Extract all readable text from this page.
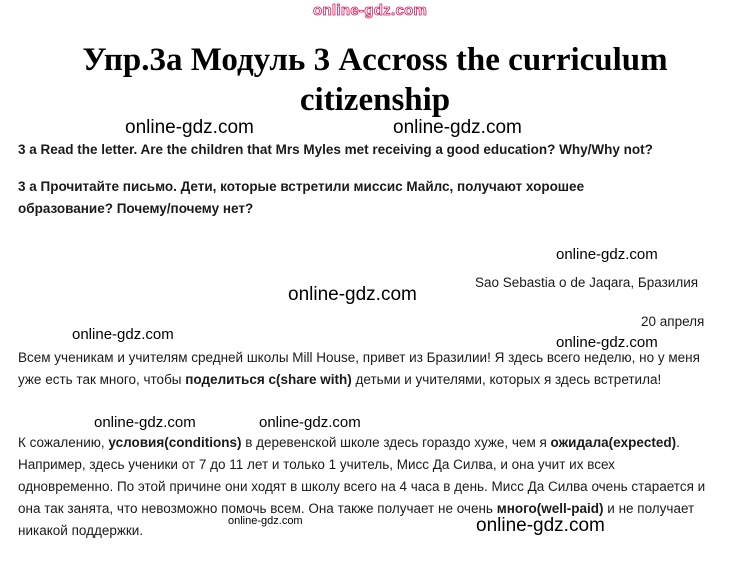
online-gdz.com
Упр.3а Модуль 3 Accross the curriculum citizenship
online-gdz.com	online-gdz.com
3 a Read the letter. Are the children that Mrs Myles met receiving a good education? Why/Why not?
3 а Прочитайте письмо. Дети, которые встретили миссис Майлс, получают хорошее образование? Почему/почему нет?
online-gdz.com
online-gdz.com
Sao Sebastia o de Jaqara, Бразилия
20 апреля
online-gdz.com	online-gdz.com
Всем ученикам и учителям средней школы Mill House, привет из Бразилии! Я здесь всего неделю, но у меня уже есть так много, чтобы поделиться с(share with) детьми и учителями, которых я здесь встретила!
online-gdz.com	online-gdz.com
К сожалению, условия(conditions) в деревенской школе здесь гораздо хуже, чем я ожидала(expected). Например, здесь ученики от 7 до 11 лет и только 1 учитель, Мисс Да Силва, и она учит их всех одновременно. По этой причине они ходят в школу всего на 4 часа в день. Мисс Да Силва очень старается и она так занята, что невозможно помочь всем. Она также получает не очень много(well-paid) и не получает никакой поддержки.
online-gdz.com	online-gdz.com
